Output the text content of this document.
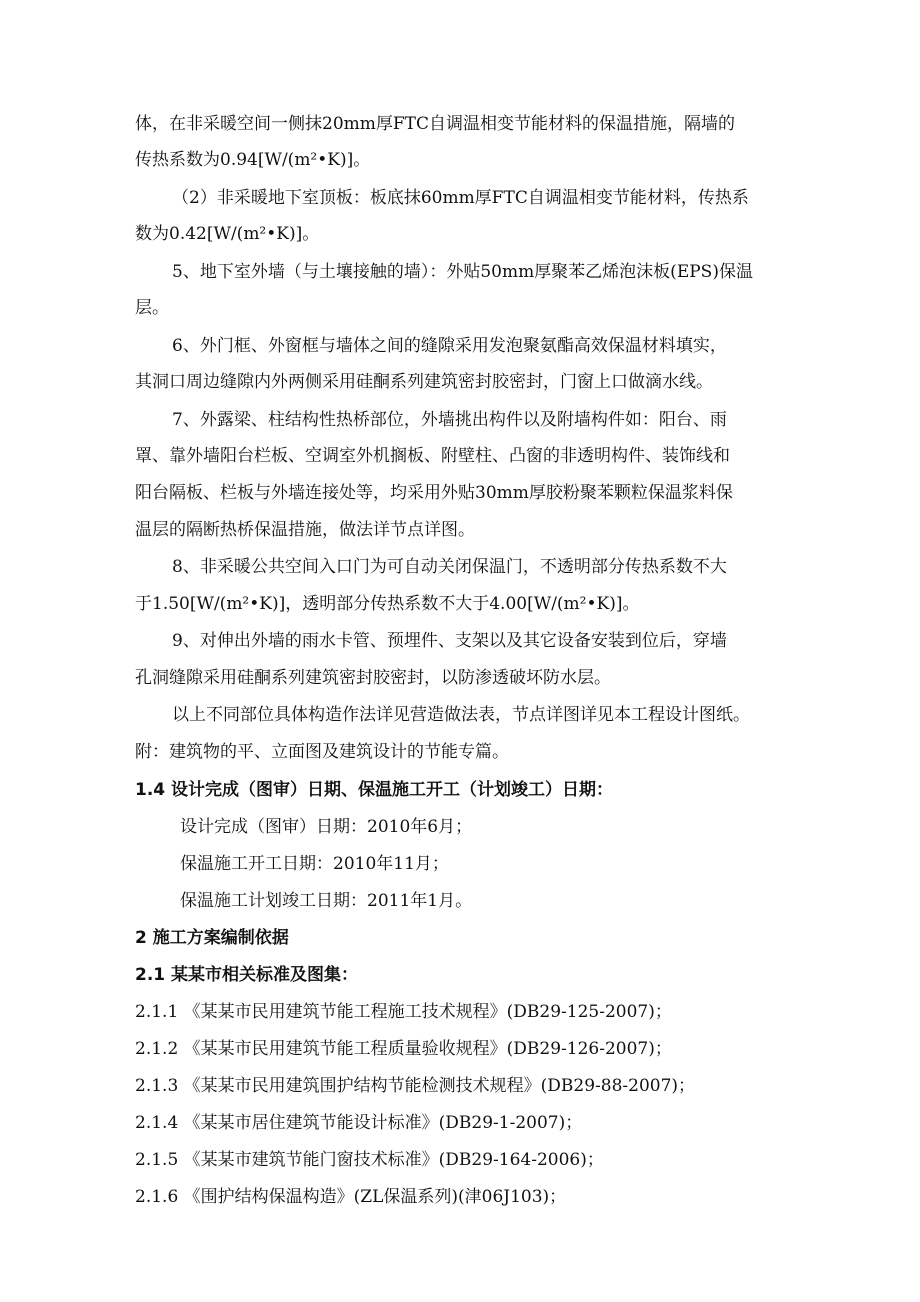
体，在非采暖空间一侧抹20mm厚FTC自调温相变节能材料的保温措施，隔墙的
传热系数为0.94[W/(m²•K)]。
（2）非采暖地下室顶板：板底抹60mm厚FTC自调温相变节能材料，传热系
数为0.42[W/(m²•K)]。
5、地下室外墙（与土壤接触的墙）：外贴50mm厚聚苯乙烯泡沫板(EPS)保温
层。
6、外门框、外窗框与墙体之间的缝隙采用发泡聚氨酯高效保温材料填实，
其洞口周边缝隙内外两侧采用硅酮系列建筑密封胶密封，门窗上口做滴水线。
7、外露梁、柱结构性热桥部位，外墙挑出构件以及附墙构件如：阳台、雨
罩、靠外墙阳台栏板、空调室外机搁板、附壁柱、凸窗的非透明构件、装饰线和
阳台隔板、栏板与外墙连接处等，均采用外贴30mm厚胶粉聚苯颗粒保温浆料保
温层的隔断热桥保温措施，做法详节点详图。
8、非采暖公共空间入口门为可自动关闭保温门，不透明部分传热系数不大
于1.50[W/(m²•K)]，透明部分传热系数不大于4.00[W/(m²•K)]。
9、对伸出外墙的雨水卡管、预埋件、支架以及其它设备安装到位后，穿墙
孔洞缝隙采用硅酮系列建筑密封胶密封，以防渗透破坏防水层。
以上不同部位具体构造作法详见营造做法表，节点详图详见本工程设计图纸。
附：建筑物的平、立面图及建筑设计的节能专篇。
1.4 设计完成（图审）日期、保温施工开工（计划竣工）日期：
设计完成（图审）日期：2010年6月；
保温施工开工日期：2010年11月；
保温施工计划竣工日期：2011年1月。
2 施工方案编制依据
2.1 某某市相关标准及图集：
2.1.1 《某某市民用建筑节能工程施工技术规程》(DB29-125-2007)；
2.1.2 《某某市民用建筑节能工程质量验收规程》(DB29-126-2007)；
2.1.3 《某某市民用建筑围护结构节能检测技术规程》(DB29-88-2007)；
2.1.4 《某某市居住建筑节能设计标准》(DB29-1-2007)；
2.1.5 《某某市建筑节能门窗技术标准》(DB29-164-2006)；
2.1.6 《围护结构保温构造》(ZL保温系列)(津06J103)；
